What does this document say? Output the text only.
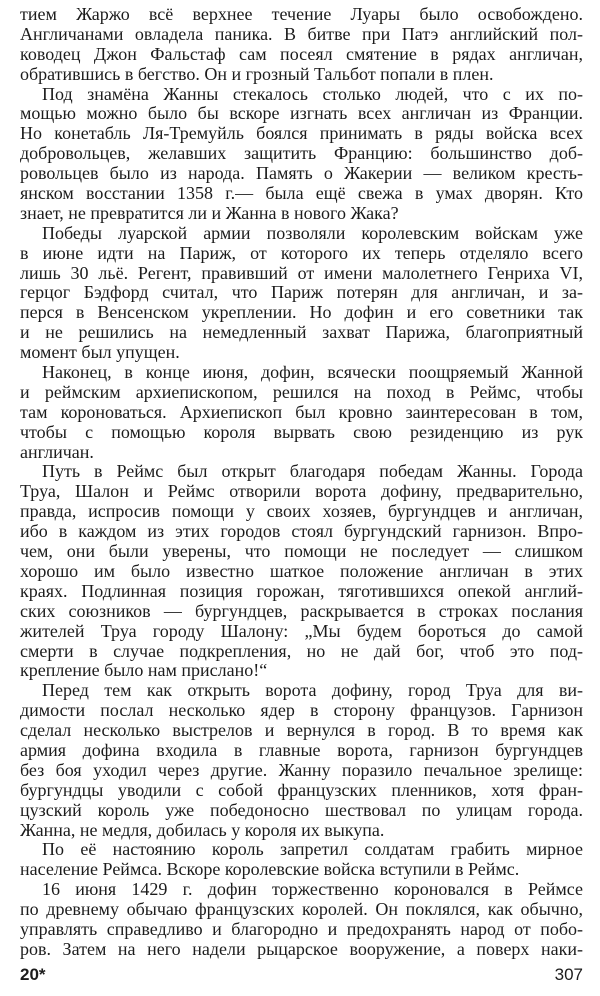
тием Жаржо всё верхнее течение Луары было освобождено.
Англичанами овладела паника. В битве при Патэ английский пол-
ководец Джон Фальстаф сам посеял смятение в рядах англичан,
обратившись в бегство. Он и грозный Тальбот попали в плен.
Под знамёна Жанны стекалось столько людей, что с их по-
мощью можно было бы вскоре изгнать всех англичан из Франции.
Но конетабль Ля-Тремуйль боялся принимать в ряды войска всех
добровольцев, желавших защитить Францию: большинство доб-
ровольцев было из народа. Память о Жакерии — великом кресть-
янском восстании 1358 г.— была ещё свежа в умах дворян. Кто
знает, не превратится ли и Жанна в нового Жака?
Победы луарской армии позволяли королевским войскам уже
в июне идти на Париж, от которого их теперь отделяло всего
лишь 30 льё. Регент, правивший от имени малолетнего Генриха VI,
герцог Бэдфорд считал, что Париж потерян для англичан, и за-
перся в Венсенском укреплении. Но дофин и его советники так
и не решились на немедленный захват Парижа, благоприятный
момент был упущен.
Наконец, в конце июня, дофин, всячески поощряемый Жанной
и реймским архиепископом, решился на поход в Реймс, чтобы
там короноваться. Архиепископ был кровно заинтересован в том,
чтобы с помощью короля вырвать свою резиденцию из рук
англичан.
Путь в Реймс был открыт благодаря победам Жанны. Города
Труа, Шалон и Реймс отворили ворота дофину, предварительно,
правда, испросив помощи у своих хозяев, бургундцев и англичан,
ибо в каждом из этих городов стоял бургундский гарнизон. Впро-
чем, они были уверены, что помощи не последует — слишком
хорошо им было известно шаткое положение англичан в этих
краях. Подлинная позиция горожан, тяготившихся опекой англий-
ских союзников — бургундцев, раскрывается в строках послания
жителей Труа городу Шалону: „Мы будем бороться до самой
смерти в случае подкрепления, но не дай бог, чтоб это под-
крепление было нам прислано!“
Перед тем как открыть ворота дофину, город Труа для ви-
димости послал несколько ядер в сторону французов. Гарнизон
сделал несколько выстрелов и вернулся в город. В то время как
армия дофина входила в главные ворота, гарнизон бургундцев
без боя уходил через другие. Жанну поразило печальное зрелище:
бургундцы уводили с собой французских пленников, хотя фран-
цузский король уже победоносно шествовал по улицам города.
Жанна, не медля, добилась у короля их выкупа.
По её настоянию король запретил солдатам грабить мирное
население Реймса. Вскоре королевские войска вступили в Реймс.
16 июня 1429 г. дофин торжественно короновался в Реймсе
по древнему обычаю французских королей. Он поклялся, как обычно,
управлять справедливо и благородно и предохранять народ от побо-
ров. Затем на него надели рыцарское вооружение, а поверх наки-
20*	307
